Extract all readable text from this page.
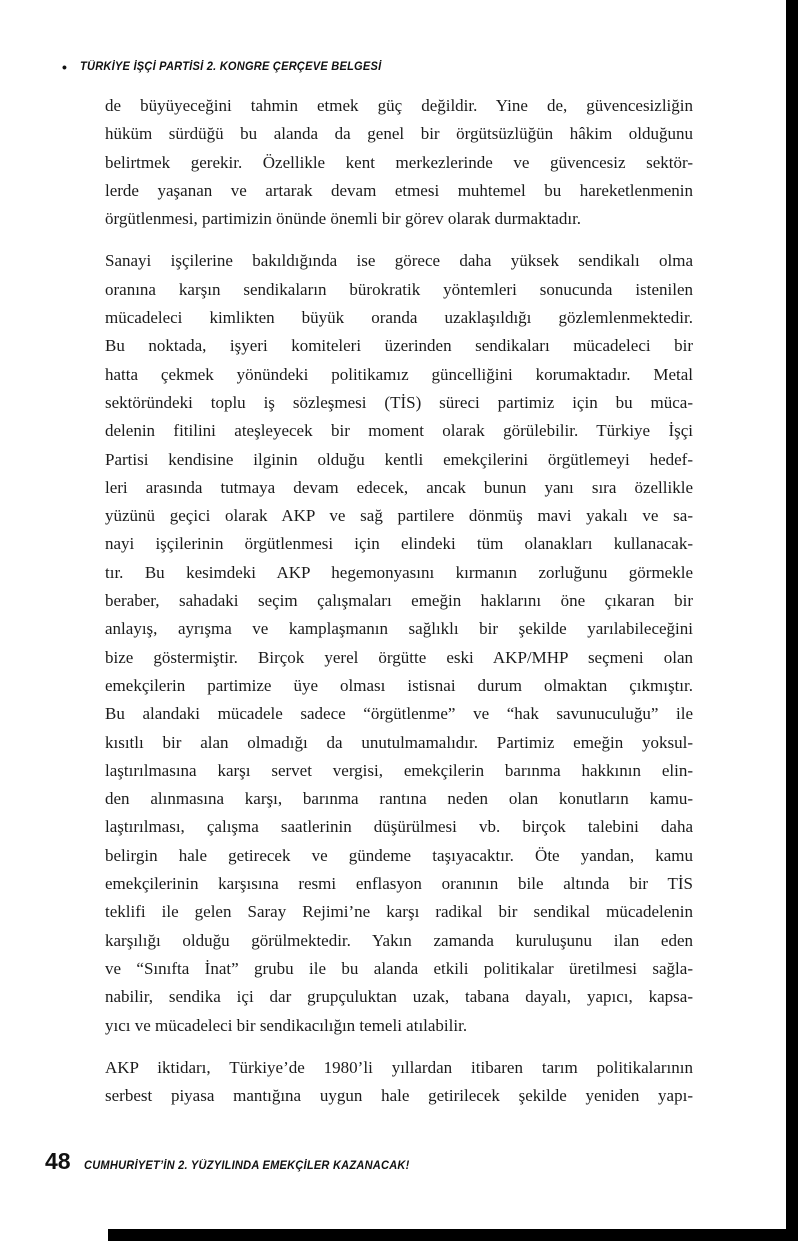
• TÜRKİYE İŞÇİ PARTİSİ 2. KONGRE ÇERÇEVE BELGESİ

de büyüyeceğini tahmin etmek güç değildir. Yine de, güvencesizliğin
hüküm sürdüğü bu alanda da genel bir örgütsüzlüğün hâkim olduğunu
belirtmek gerekir. Özellikle kent merkezlerinde ve güvencesiz sektör-
lerde yaşanan ve artarak devam etmesi muhtemel bu hareketlenmenin
örgütlenmesi, partimizin önünde önemli bir görev olarak durmaktadır.

Sanayi işçilerine bakıldığında ise görece daha yüksek sendikalı olma
oranına karşın sendikaların bürokratik yöntemleri sonucunda istenilen
mücadeleci kimlikten büyük oranda uzaklaşıldığı gözlemlenmektedir.
Bu noktada, işyeri komiteleri üzerinden sendikaları mücadeleci bir
hatta çekmek yönündeki politikamız güncelliğini korumaktadır. Metal
sektöründeki toplu iş sözleşmesi (TİS) süreci partimiz için bu müca-
delenin fitilini ateşleyecek bir moment olarak görülebilir. Türkiye İşçi
Partisi kendisine ilginin olduğu kentli emekçilerini örgütlemeyi hedef-
leri arasında tutmaya devam edecek, ancak bunun yanı sıra özellikle
yüzünü geçici olarak AKP ve sağ partilere dönmüş mavi yakalı ve sa-
nayi işçilerinin örgütlenmesi için elindeki tüm olanakları kullanacak-
tır. Bu kesimdeki AKP hegemonyasını kırmanın zorluğunu görmekle
beraber, sahadaki seçim çalışmaları emeğin haklarını öne çıkaran bir
anlayış, ayrışma ve kamplaşmanın sağlıklı bir şekilde yarılabileceğini
bize göstermiştir. Birçok yerel örgütte eski AKP/MHP seçmeni olan
emekçilerin partimize üye olması istisnai durum olmaktan çıkmıştır.
Bu alandaki mücadele sadece “örgütlenme” ve “hak savunuculuğu” ile
kısıtlı bir alan olmadığı da unutulmamalıdır. Partimiz emeğin yoksul-
laştırılmasına karşı servet vergisi, emekçilerin barınma hakkının elin-
den alınmasına karşı, barınma rantına neden olan konutların kamu-
laştırılması, çalışma saatlerinin düşürülmesi vb. birçok talebini daha
belirgin hale getirecek ve gündeme taşıyacaktır. Öte yandan, kamu
emekçilerinin karşısına resmi enflasyon oranının bile altında bir TİS
teklifi ile gelen Saray Rejimi’ne karşı radikal bir sendikal mücadelenin
karşılığı olduğu görülmektedir. Yakın zamanda kuruluşunu ilan eden
ve “Sınıfta İnat” grubu ile bu alanda etkili politikalar üretilmesi sağla-
nabilir, sendika içi dar grupçuluktan uzak, tabana dayalı, yapıcı, kapsa-
yıcı ve mücadeleci bir sendikacılığın temeli atılabilir.

AKP iktidarı, Türkiye’de 1980’li yıllardan itibaren tarım politikalarının
serbest piyasa mantığına uygun hale getirilecek şekilde yeniden yapı-

48 CUMHURİYET’İN 2. YÜZYILINDA EMEKÇİLER KAZANACAK!
